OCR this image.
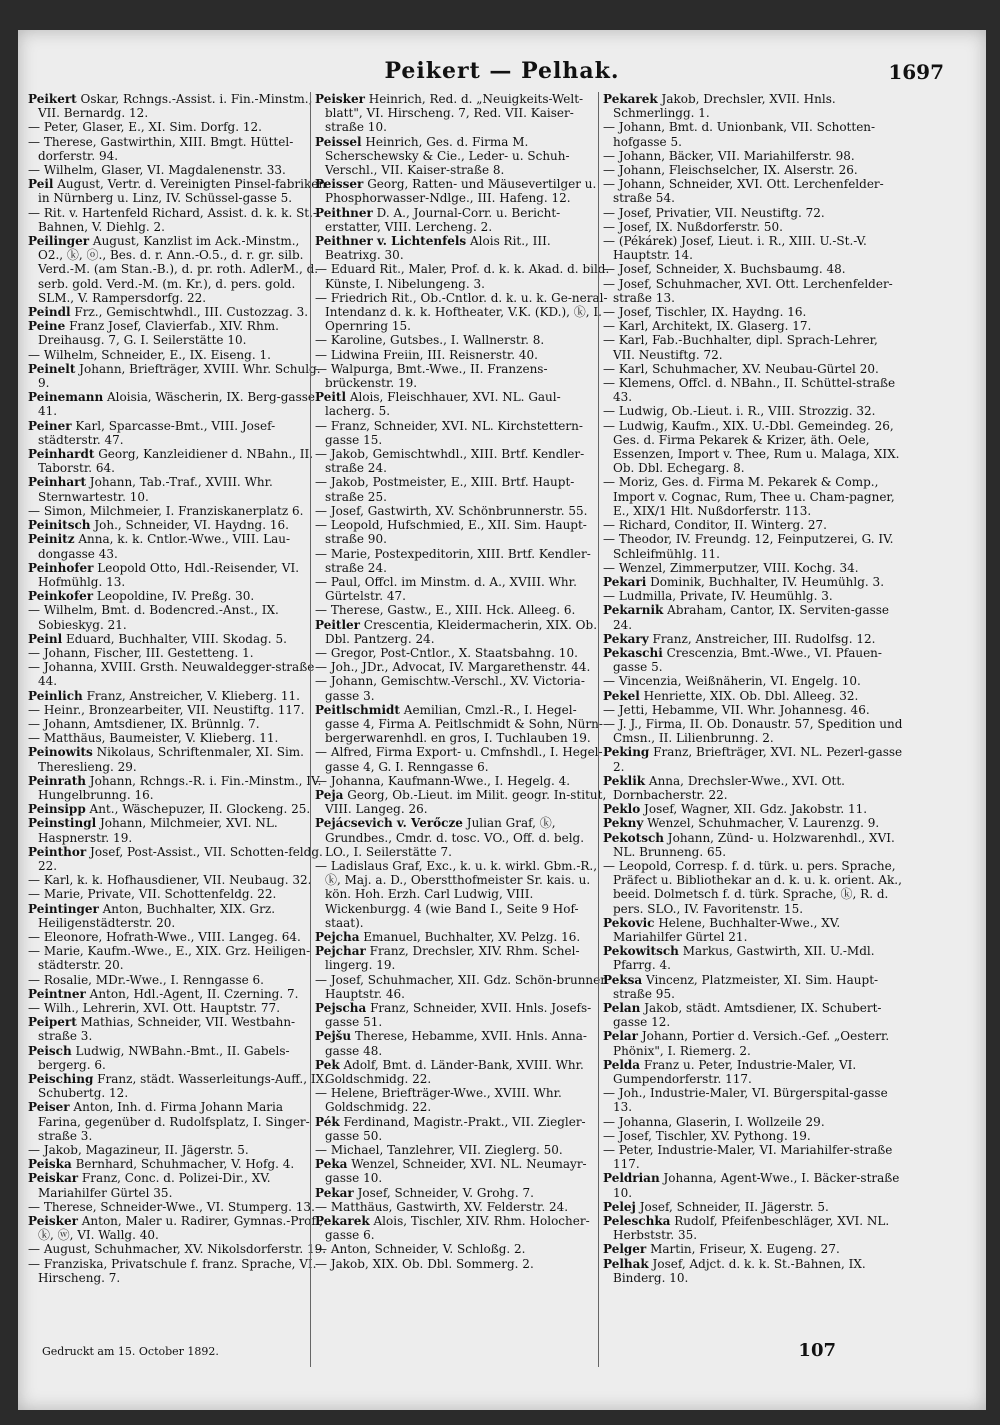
Peikert — Pelhak.	1697

Peikert Oskar, Rchngs.-Assist. i. Fin.-Minstm., VII. Bernardg. 12.

— Peter, Glaser, E., XI. Sim. Dorfg. 12.

— Therese, Gastwirthin, XIII. Bmgt. Hüttel-dorferstr. 94.

— Wilhelm, Glaser, VI. Magdalenenstr. 33.

Peil August, Vertr. d. Vereinigten Pinsel-fabriken in Nürnberg u. Linz, IV. Schüssel-gasse 5.

— Rit. v. Hartenfeld Richard, Assist. d. k. k. St.-Bahnen, V. Diehlg. 2.

Peilinger August, Kanzlist im Ack.-Minstm., O2., ⓚ, ⓞ., Bes. d. r. Ann.-O.5., d. r. gr. silb. Verd.-M. (am Stan.-B.), d. pr. roth. AdlerM., d. serb. gold. Verd.-M. (m. Kr.), d. pers. gold. SLM., V. Rampersdorfg. 22.

Peindl Frz., Gemischtwhdl., III. Custozzag. 3.

Peine Franz Josef, Clavierfab., XIV. Rhm. Dreihausg. 7, G. I. Seilerstätte 10.

— Wilhelm, Schneider, E., IX. Eiseng. 1.

Peinelt Johann, Briefträger, XVIII. Whr. Schulg. 9.

Peinemann Aloisia, Wäscherin, IX. Berg-gasse 41.

Peiner Karl, Sparcasse-Bmt., VIII. Josef-städterstr. 47.

Peinhardt Georg, Kanzleidiener d. NBahn., II. Taborstr. 64.

Peinhart Johann, Tab.-Traf., XVIII. Whr. Sternwartestr. 10.

— Simon, Milchmeier, I. Franziskanerplatz 6.

Peinitsch Joh., Schneider, VI. Haydng. 16.

Peinitz Anna, k. k. Cntlor.-Wwe., VIII. Lau-dongasse 43.

Peinhofer Leopold Otto, Hdl.-Reisender, VI. Hofmühlg. 13.

Peinkofer Leopoldine, IV. Preßg. 30.

— Wilhelm, Bmt. d. Bodencred.-Anst., IX. Sobieskyg. 21.

Peinl Eduard, Buchhalter, VIII. Skodag. 5.

— Johann, Fischer, III. Gestetteng. 1.

— Johanna, XVIII. Grsth. Neuwaldegger-straße 44.

Peinlich Franz, Anstreicher, V. Klieberg. 11.

— Heinr., Bronzearbeiter, VII. Neustiftg. 117.

— Johann, Amtsdiener, IX. Brünnlg. 7.

— Matthäus, Baumeister, V. Klieberg. 11.

Peinowits Nikolaus, Schriftenmaler, XI. Sim. Thereslieng. 29.

Peinrath Johann, Rchngs.-R. i. Fin.-Minstm., IV. Hungelbrunng. 16.

Peinsipp Ant., Wäschepuzer, II. Glockeng. 25.

Peinstingl Johann, Milchmeier, XVI. NL. Haspnerstr. 19.

Peinthor Josef, Post-Assist., VII. Schotten-feldg. 22.

— Karl, k. k. Hofhausdiener, VII. Neubaug. 32.

— Marie, Private, VII. Schottenfeldg. 22.

Peintinger Anton, Buchhalter, XIX. Grz. Heiligenstädterstr. 20.

— Eleonore, Hofrath-Wwe., VIII. Langeg. 64.

— Marie, Kaufm.-Wwe., E., XIX. Grz. Heiligen-städterstr. 20.

— Rosalie, MDr.-Wwe., I. Renngasse 6.

Peintner Anton, Hdl.-Agent, II. Czerning. 7.

— Wilh., Lehrerin, XVI. Ott. Hauptstr. 77.

Peipert Mathias, Schneider, VII. Westbahn-straße 3.

Peisch Ludwig, NWBahn.-Bmt., II. Gabels-bergerg. 6.

Peisching Franz, städt. Wasserleitungs-Auff., IX. Schubertg. 12.

Peiser Anton, Inh. d. Firma Johann Maria Farina, gegenüber d. Rudolfsplatz, I. Singer-straße 3.

— Jakob, Magazineur, II. Jägerstr. 5.

Peiska Bernhard, Schuhmacher, V. Hofg. 4.

Peiskar Franz, Conc. d. Polizei-Dir., XV. Mariahilfer Gürtel 35.

— Therese, Schneider-Wwe., VI. Stumperg. 13.

Peisker Anton, Maler u. Radirer, Gymnas.-Prof., ⓚ, ⓦ, VI. Wallg. 40.

— August, Schuhmacher, XV. Nikolsdorferstr. 19.

— Franziska, Privatschule f. franz. Sprache, VI. Hirscheng. 7.

Peisker Heinrich, Red. d. „Neuigkeits-Welt-blatt", VI. Hirscheng. 7, Red. VII. Kaiser-straße 10.

Peissel Heinrich, Ges. d. Firma M. Scherschewsky & Cie., Leder- u. Schuh-Verschl., VII. Kaiser-straße 8.

Peisser Georg, Ratten- und Mäusevertilger u. Phosphorwasser-Ndlge., III. Hafeng. 12.

Peithner D. A., Journal-Corr. u. Bericht-erstatter, VIII. Lercheng. 2.

Peithner v. Lichtenfels Alois Rit., III. Beatrixg. 30.

— Eduard Rit., Maler, Prof. d. k. k. Akad. d. bild. Künste, I. Nibelungeng. 3.

— Friedrich Rit., Ob.-Cntlor. d. k. u. k. Ge-neral-Intendanz d. k. k. Hoftheater, V.K. (KD.), ⓚ, I. Opernring 15.

— Karoline, Gutsbes., I. Wallnerstr. 8.

— Lidwina Freiin, III. Reisnerstr. 40.

— Walpurga, Bmt.-Wwe., II. Franzens-brückenstr. 19.

Peitl Alois, Fleischhauer, XVI. NL. Gaul-lacherg. 5.

— Franz, Schneider, XVI. NL. Kirchstettern-gasse 15.

— Jakob, Gemischtwhdl., XIII. Brtf. Kendler-straße 24.

— Jakob, Postmeister, E., XIII. Brtf. Haupt-straße 25.

— Josef, Gastwirth, XV. Schönbrunnerstr. 55.

— Leopold, Hufschmied, E., XII. Sim. Haupt-straße 90.

— Marie, Postexpeditorin, XIII. Brtf. Kendler-straße 24.

— Paul, Offcl. im Minstm. d. A., XVIII. Whr. Gürtelstr. 47.

— Therese, Gastw., E., XIII. Hck. Alleeg. 6.

Peitler Crescentia, Kleidermacherin, XIX. Ob. Dbl. Pantzerg. 24.

— Gregor, Post-Cntlor., X. Staatsbahng. 10.

— Joh., JDr., Advocat, IV. Margarethenstr. 44.

— Johann, Gemischtw.-Verschl., XV. Victoria-gasse 3.

Peitlschmidt Aemilian, Cmzl.-R., I. Hegel-gasse 4, Firma A. Peitlschmidt & Sohn, Nürn-bergerwarenhdl. en gros, I. Tuchlauben 19.

— Alfred, Firma Export- u. Cmfnshdl., I. Hegel-gasse 4, G. I. Renngasse 6.

— Johanna, Kaufmann-Wwe., I. Hegelg. 4.

Peja Georg, Ob.-Lieut. im Milit. geogr. In-stitut, VIII. Langeg. 26.

Pejácsevich v. Verőcze Julian Graf, ⓚ, Grundbes., Cmdr. d. tosc. VO., Off. d. belg. LO., I. Seilerstätte 7.

— Ladislaus Graf, Exc., k. u. k. wirkl. Gbm.-R., ⓚ, Maj. a. D., Oberstthofmeister Sr. kais. u. kön. Hoh. Erzh. Carl Ludwig, VIII. Wickenburgg. 4 (wie Band I., Seite 9 Hof-staat).

Pejcha Emanuel, Buchhalter, XV. Pelzg. 16.

Pejchar Franz, Drechsler, XIV. Rhm. Schel-lingerg. 19.

— Josef, Schuhmacher, XII. Gdz. Schön-brunner Hauptstr. 46.

Pejscha Franz, Schneider, XVII. Hnls. Josefs-gasse 51.

Pejšu Therese, Hebamme, XVII. Hnls. Anna-gasse 48.

Pek Adolf, Bmt. d. Länder-Bank, XVIII. Whr. Goldschmidg. 22.

— Helene, Briefträger-Wwe., XVIII. Whr. Goldschmidg. 22.

Pék Ferdinand, Magistr.-Prakt., VII. Ziegler-gasse 50.

— Michael, Tanzlehrer, VII. Zieglerg. 50.

Peka Wenzel, Schneider, XVI. NL. Neumayr-gasse 10.

Pekar Josef, Schneider, V. Grohg. 7.

— Matthäus, Gastwirth, XV. Felderstr. 24.

Pekarek Alois, Tischler, XIV. Rhm. Holocher-gasse 6.

— Anton, Schneider, V. Schloßg. 2.

— Jakob, XIX. Ob. Dbl. Sommerg. 2.

Pekarek Jakob, Drechsler, XVII. Hnls. Schmerlingg. 1.

— Johann, Bmt. d. Unionbank, VII. Schotten-hofgasse 5.

— Johann, Bäcker, VII. Mariahilferstr. 98.

— Johann, Fleischselcher, IX. Alserstr. 26.

— Johann, Schneider, XVI. Ott. Lerchenfelder-straße 54.

— Josef, Privatier, VII. Neustiftg. 72.

— Josef, IX. Nußdorferstr. 50.

— (Pékárek) Josef, Lieut. i. R., XIII. U.-St.-V. Hauptstr. 14.

— Josef, Schneider, X. Buchsbaumg. 48.

— Josef, Schuhmacher, XVI. Ott. Lerchenfelder-straße 13.

— Josef, Tischler, IX. Haydng. 16.

— Karl, Architekt, IX. Glaserg. 17.

— Karl, Fab.-Buchhalter, dipl. Sprach-Lehrer, VII. Neustiftg. 72.

— Karl, Schuhmacher, XV. Neubau-Gürtel 20.

— Klemens, Offcl. d. NBahn., II. Schüttel-straße 43.

— Ludwig, Ob.-Lieut. i. R., VIII. Strozzig. 32.

— Ludwig, Kaufm., XIX. U.-Dbl. Gemeindeg. 26, Ges. d. Firma Pekarek & Krizer, äth. Oele, Essenzen, Import v. Thee, Rum u. Malaga, XIX. Ob. Dbl. Echegarg. 8.

— Moriz, Ges. d. Firma M. Pekarek & Comp., Import v. Cognac, Rum, Thee u. Cham-pagner, E., XIX/1 Hlt. Nußdorferstr. 113.

— Richard, Conditor, II. Winterg. 27.

— Theodor, IV. Freundg. 12, Feinputzerei, G. IV. Schleifmühlg. 11.

— Wenzel, Zimmerputzer, VIII. Kochg. 34.

Pekari Dominik, Buchhalter, IV. Heumühlg. 3.

— Ludmilla, Private, IV. Heumühlg. 3.

Pekarnik Abraham, Cantor, IX. Serviten-gasse 24.

Pekary Franz, Anstreicher, III. Rudolfsg. 12.

Pekaschi Crescenzia, Bmt.-Wwe., VI. Pfauen-gasse 5.

— Vincenzia, Weißnäherin, VI. Engelg. 10.

Pekel Henriette, XIX. Ob. Dbl. Alleeg. 32.

— Jetti, Hebamme, VII. Whr. Johannesg. 46.

— J. J., Firma, II. Ob. Donaustr. 57, Spedition und Cmsn., II. Lilienbrunng. 2.

Peking Franz, Briefträger, XVI. NL. Pezerl-gasse 2.

Peklik Anna, Drechsler-Wwe., XVI. Ott. Dornbacherstr. 22.

Peklo Josef, Wagner, XII. Gdz. Jakobstr. 11.

Pekny Wenzel, Schuhmacher, V. Laurenzg. 9.

Pekotsch Johann, Zünd- u. Holzwarenhdl., XVI. NL. Brunneng. 65.

— Leopold, Corresp. f. d. türk. u. pers. Sprache, Präfect u. Bibliothekar an d. k. u. k. orient. Ak., beeid. Dolmetsch f. d. türk. Sprache, ⓚ, R. d. pers. SLO., IV. Favoritenstr. 15.

Pekovic Helene, Buchhalter-Wwe., XV. Mariahilfer Gürtel 21.

Pekowitsch Markus, Gastwirth, XII. U.-Mdl. Pfarrg. 4.

Peksa Vincenz, Platzmeister, XI. Sim. Haupt-straße 95.

Pelan Jakob, städt. Amtsdiener, IX. Schubert-gasse 12.

Pelar Johann, Portier d. Versich.-Gef. „Oesterr. Phönix", I. Riemerg. 2.

Pelda Franz u. Peter, Industrie-Maler, VI. Gumpendorferstr. 117.

— Joh., Industrie-Maler, VI. Bürgerspital-gasse 13.

— Johanna, Glaserin, I. Wollzeile 29.

— Josef, Tischler, XV. Pythong. 19.

— Peter, Industrie-Maler, VI. Mariahilfer-straße 117.

Peldrian Johanna, Agent-Wwe., I. Bäcker-straße 10.

Pelej Josef, Schneider, II. Jägerstr. 5.

Peleschka Rudolf, Pfeifenbeschläger, XVI. NL. Herbststr. 35.

Pelger Martin, Friseur, X. Eugeng. 27.

Pelhak Josef, Adjct. d. k. k. St.-Bahnen, IX. Binderg. 10.

Gedruckt am 15. October 1892.	107
